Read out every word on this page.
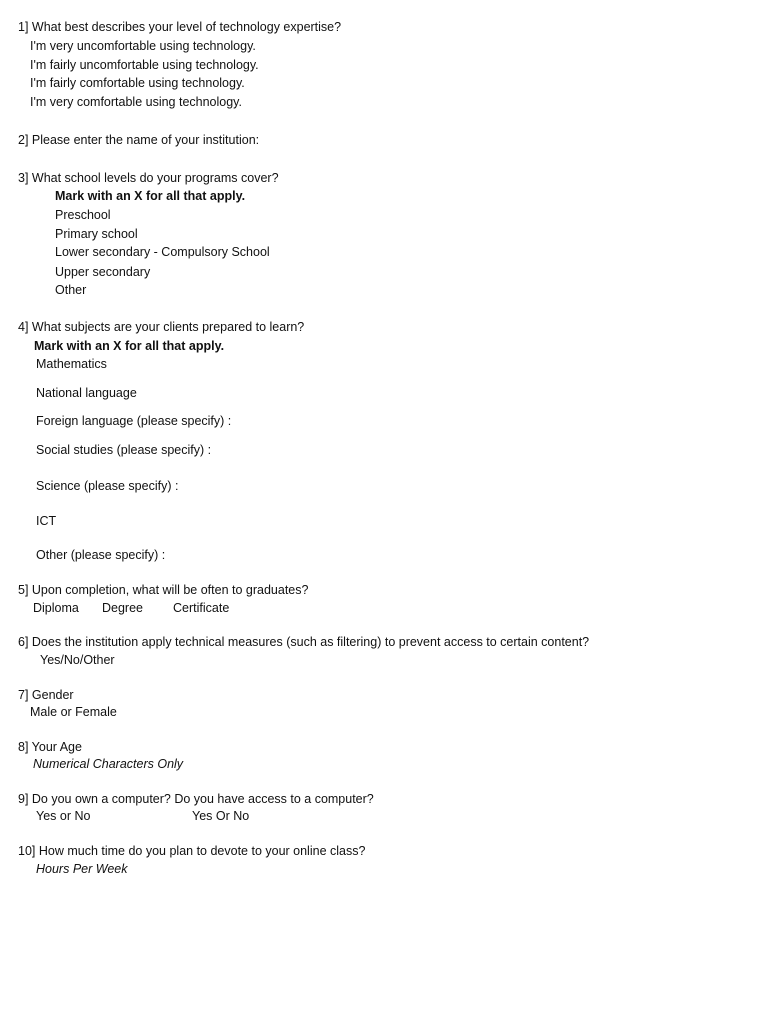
1] What best describes your level of technology expertise?
I'm very uncomfortable using technology.
I'm fairly uncomfortable using technology.
I'm fairly comfortable using technology.
I'm very comfortable using technology.
2] Please enter the name of your institution:
3] What school levels do your programs cover?
Mark with an X for all that apply.
Preschool
Primary school
Lower secondary - Compulsory School
Upper secondary
Other
4] What subjects are your clients prepared to learn?
Mark with an X for all that apply.
Mathematics
National language
Foreign language (please specify) :
Social studies (please specify) :
Science (please specify) :
ICT
Other (please specify) :
5] Upon completion, what will be often to graduates?
Diploma Degree Certificate
6] Does the institution apply technical measures (such as filtering) to prevent access to certain content?
Yes/No/Other
7] Gender
Male or Female
8] Your Age
Numerical Characters Only
9] Do you own a computer? Do you have access to a computer?
Yes or No	Yes Or No
10] How much time do you plan to devote to your online class?
Hours Per Week
